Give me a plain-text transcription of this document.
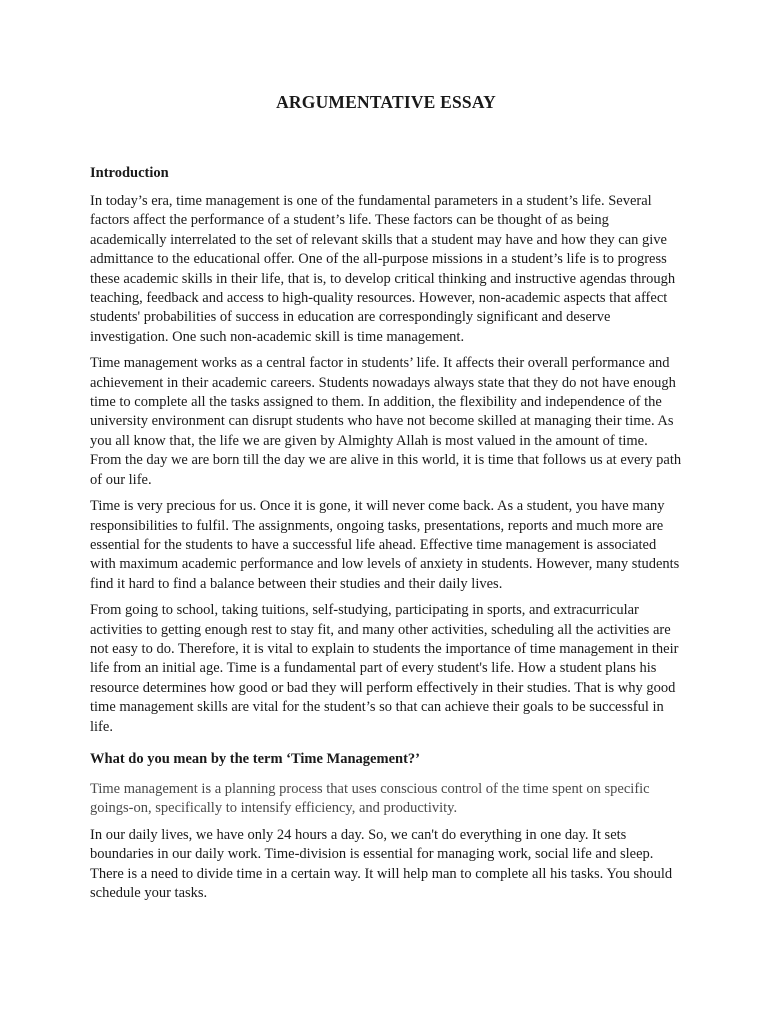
ARGUMENTATIVE ESSAY
Introduction

In today’s era, time management is one of the fundamental parameters in a student’s life. Several factors affect the performance of a student’s life. These factors can be thought of as being academically interrelated to the set of relevant skills that a student may have and how they can give admittance to the educational offer. One of the all-purpose missions in a student’s life is to progress these academic skills in their life, that is, to develop critical thinking and instructive agendas through teaching, feedback and access to high-quality resources. However, non-academic aspects that affect students' probabilities of success in education are correspondingly significant and deserve investigation. One such non-academic skill is time management.

Time management works as a central factor in students’ life. It affects their overall performance and achievement in their academic careers. Students nowadays always state that they do not have enough time to complete all the tasks assigned to them. In addition, the flexibility and independence of the university environment can disrupt students who have not become skilled at managing their time. As you all know that, the life we are given by Almighty Allah is most valued in the amount of time. From the day we are born till the day we are alive in this world, it is time that follows us at every path of our life.

Time is very precious for us. Once it is gone, it will never come back. As a student, you have many responsibilities to fulfil. The assignments, ongoing tasks, presentations, reports and much more are essential for the students to have a successful life ahead. Effective time management is associated with maximum academic performance and low levels of anxiety in students. However, many students find it hard to find a balance between their studies and their daily lives.

From going to school, taking tuitions, self-studying, participating in sports, and extracurricular activities to getting enough rest to stay fit, and many other activities, scheduling all the activities are not easy to do. Therefore, it is vital to explain to students the importance of time management in their life from an initial age. Time is a fundamental part of every student's life. How a student plans his resource determines how good or bad they will perform effectively in their studies. That is why good time management skills are vital for the student’s so that can achieve their goals to be successful in life.

What do you mean by the term ‘Time Management?’

Time management is a planning process that uses conscious control of the time spent on specific goings-on, specifically to intensify efficiency, and productivity.

In our daily lives, we have only 24 hours a day. So, we can't do everything in one day. It sets boundaries in our daily work. Time-division is essential for managing work, social life and sleep. There is a need to divide time in a certain way. It will help man to complete all his tasks. You should schedule your tasks.
